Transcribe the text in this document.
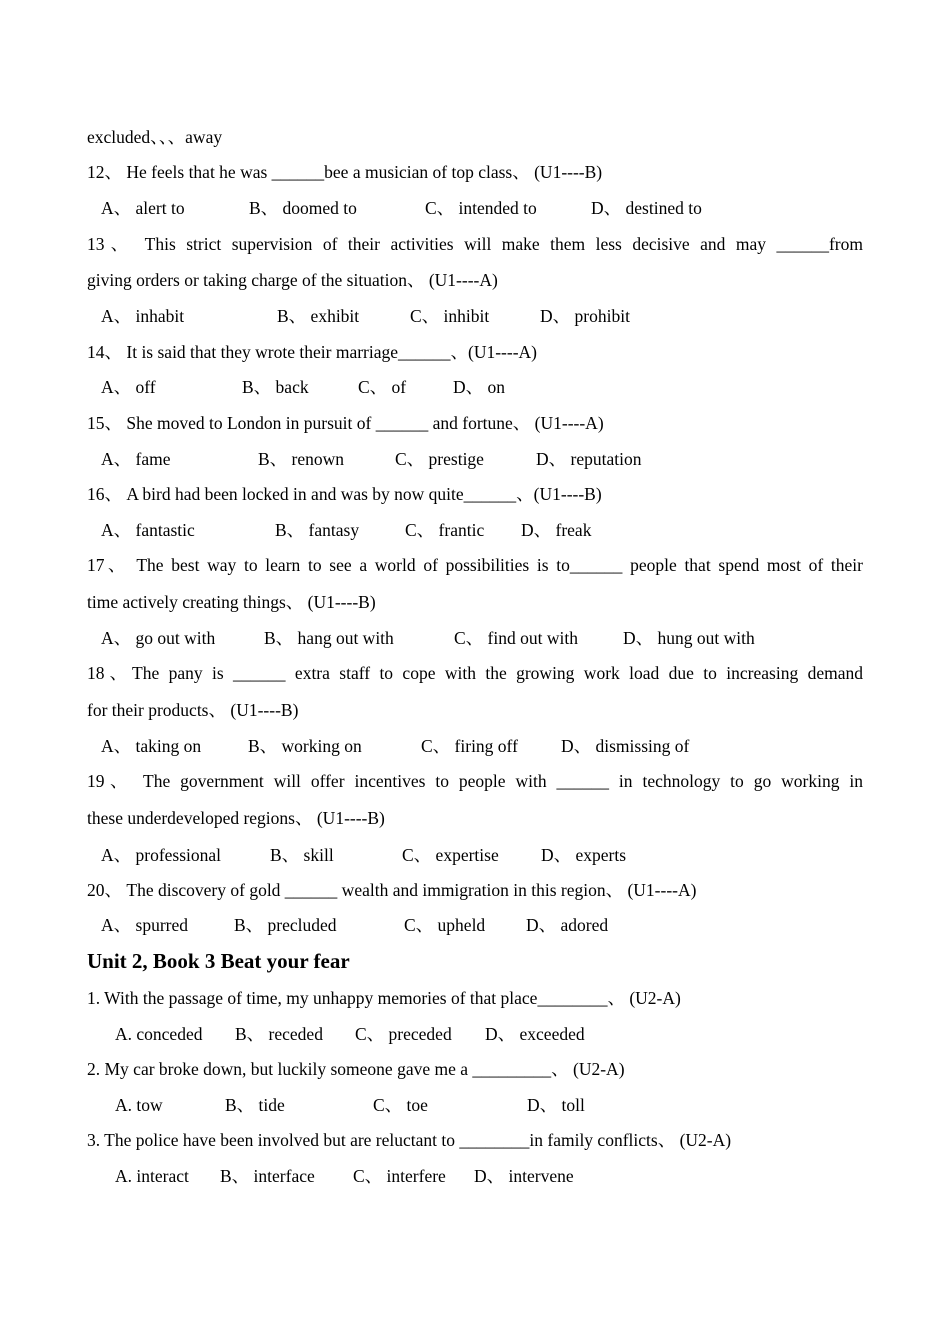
excluded、、、away
12、 He feels that he was ______bee a musician of top class、 (U1----B)
A、 alert to	B、 doomed to	C、 intended to	D、 destined to
13、 This strict supervision of their activities will make them less decisive and may ______from
giving orders or taking charge of the situation、 (U1----A)
A、 inhabit	B、 exhibit	C、 inhibit	D、 prohibit
14、 It is said that they wrote their marriage______、(U1----A)
A、 off	B、 back	C、 of	D、 on
15、 She moved to London in pursuit of ______ and fortune、 (U1----A)
A、 fame	B、 renown	C、 prestige	D、 reputation
16、 A bird had been locked in and was by now quite______、(U1----B)
A、 fantastic	B、 fantasy	C、 frantic D、 freak
17、 The best way to learn to see a world of possibilities is to______ people that spend most of their
time actively creating things、 (U1----B)
A、 go out with	B、 hang out with	C、 find out with	D、 hung out with
18、The pany is ______ extra staff to cope with the growing work load due to increasing demand
for their products、 (U1----B)
A、 taking on	B、 working on	C、 firing off D、 dismissing of
19、 The government will offer incentives to people with ______ in technology to go working in
these underdeveloped regions、 (U1----B)
A、 professional	B、 skill	C、 expertise D、 experts
20、 The discovery of gold ______ wealth and immigration in this region、 (U1----A)
A、 spurred	B、 precluded	C、 upheld D、 adored
Unit 2, Book 3 Beat your fear
1. With the passage of time, my unhappy memories of that place________、 (U2-A)
A. conceded B、 receded C、 preceded D、 exceeded
2. My car broke down, but luckily someone gave me a _________、 (U2-A)
A. tow	B、 tide	C、 toe	D、 toll
3. The police have been involved but are reluctant to ________in family conflicts、 (U2-A)
A. interact B、 interface C、 interfere D、 intervene
